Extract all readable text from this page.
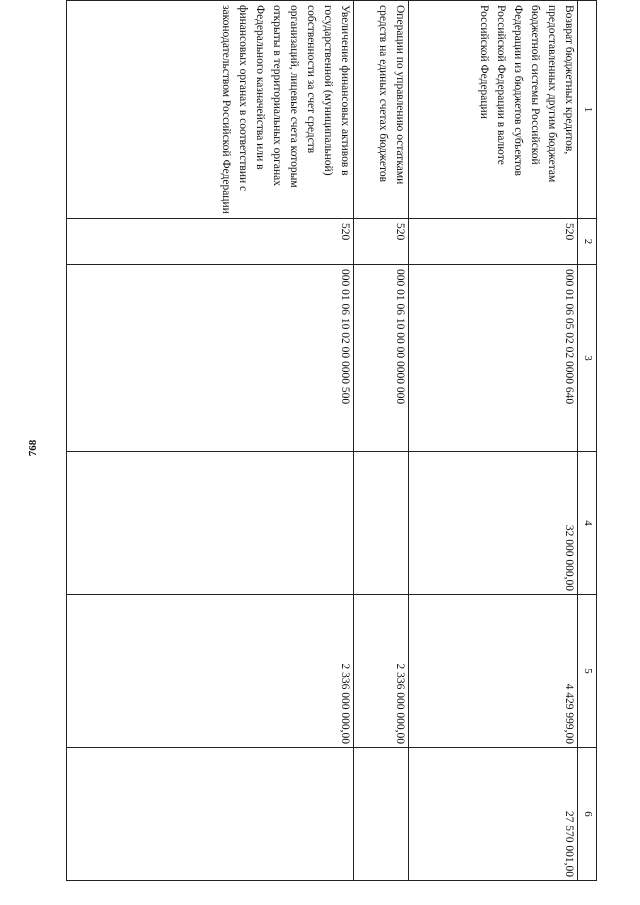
768
1	2	3	4	5	6
Возврат бюджетных кредитов, предоставленных другим бюджетам бюджетной системы Российской Федерации из бюджетов субъектов Российской Федерации в валюте Российской Федерации	520	000 01 06 05 02 02 0000 640	32 000 000,00	4 429 999,00	27 570 001,00
Операции по управлению остатками средств на единых счетах бюджетов	520	000 01 06 10 00 00 0000 000		2 336 000 000,00	
Увеличение финансовых активов в государственной (муниципальной) собственности за счет средств организаций, лицевые счета которым открыты в территориальных органах Федерального казначейства или в финансовых органах в соответствии с законодательством Российской Федерации	520	000 01 06 10 02 00 0000 500		2 336 000 000,00	
